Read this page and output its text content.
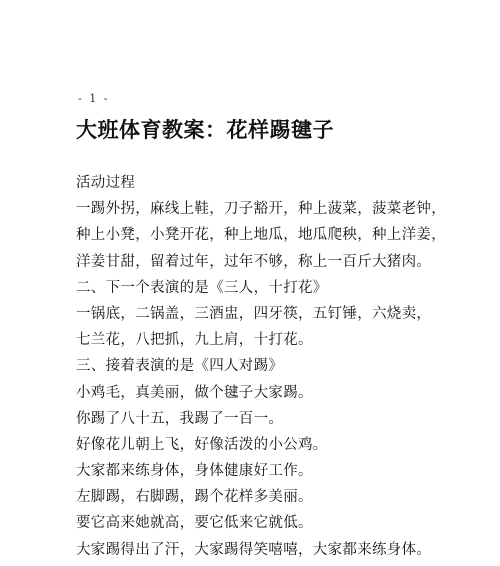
- 1 -
大班体育教案：花样踢毽子
活动过程
一踢外拐，麻线上鞋，刀子豁开，种上菠菜，菠菜老钟，
种上小凳，小凳开花，种上地瓜，地瓜爬秧，种上洋姜，
洋姜甘甜，留着过年，过年不够，称上一百斤大猪肉。
二、下一个表演的是《三人，十打花》
一锅底，二锅盖，三酒盅，四牙筷，五钉锤，六烧卖，
七兰花，八把抓，九上肩，十打花。
三、接着表演的是《四人对踢》
小鸡毛，真美丽，做个毽子大家踢。
你踢了八十五，我踢了一百一。
好像花儿朝上飞，好像活泼的小公鸡。
大家都来练身体，身体健康好工作。
左脚踢，右脚踢，踢个花样多美丽。
要它高来她就高，要它低来它就低。
大家踢得出了汗，大家踢得笑嘻嘻，大家都来练身体。
